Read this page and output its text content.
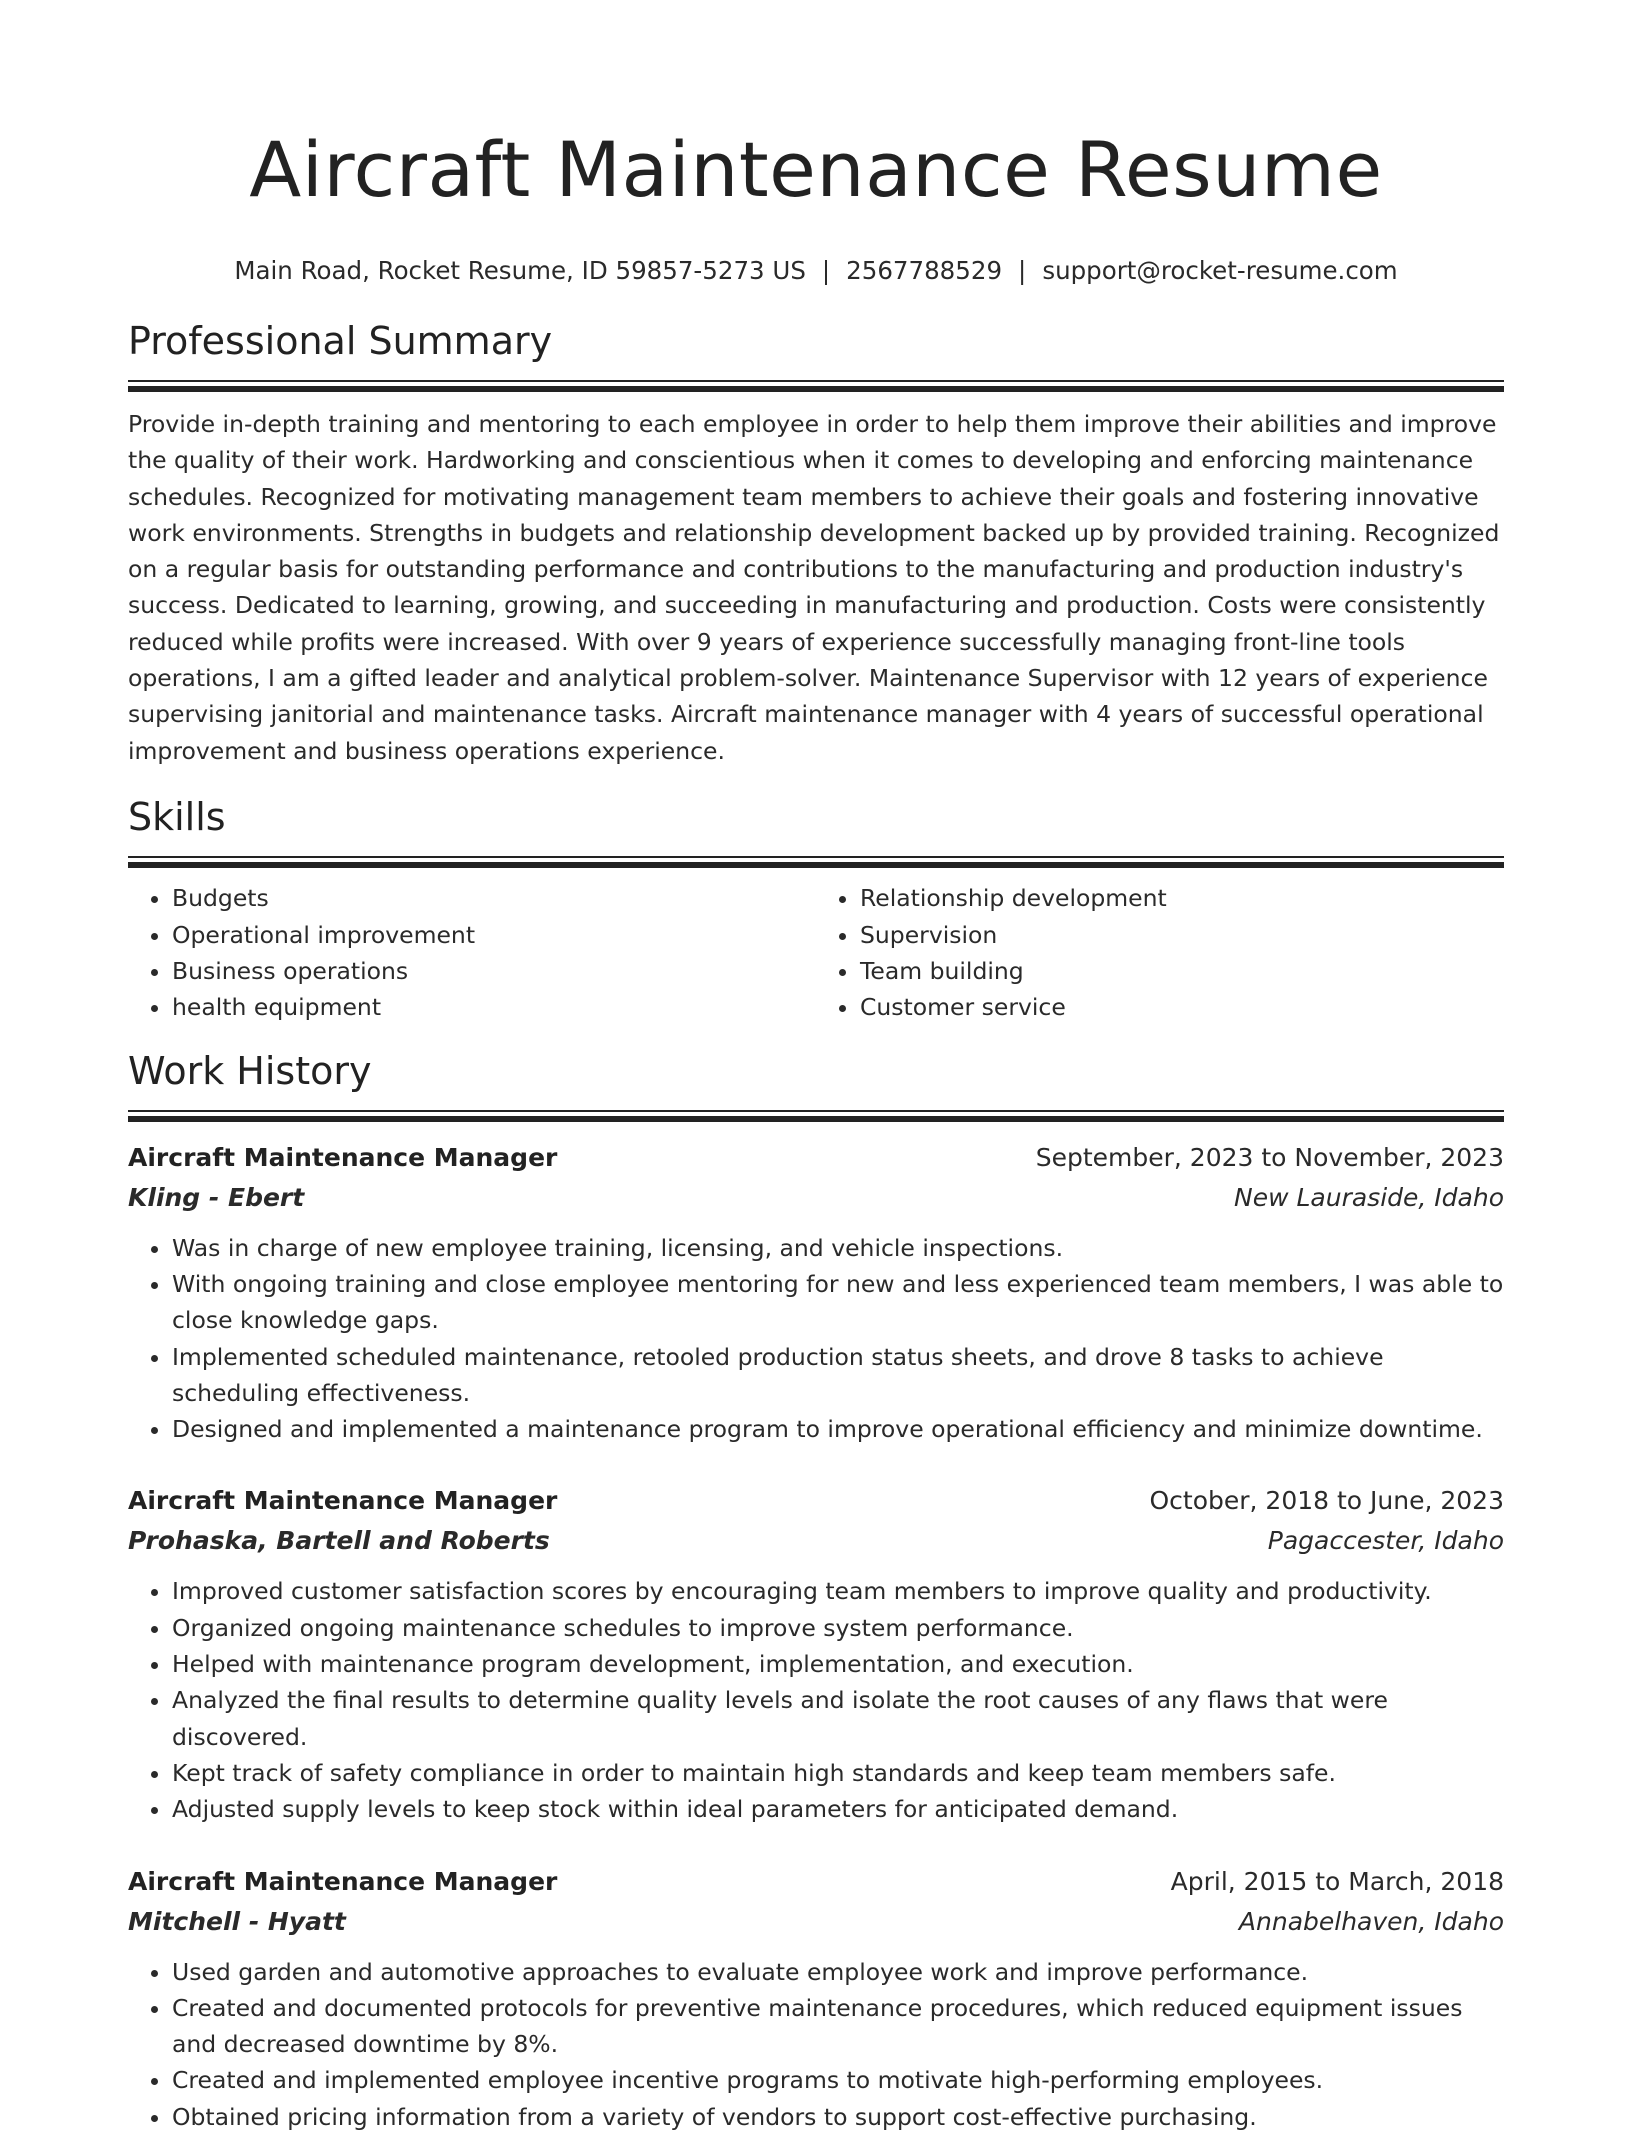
Aircraft Maintenance Resume
Main Road, Rocket Resume, ID 59857-5273 US | 2567788529 | support@rocket-resume.com
Professional Summary

Provide in-depth training and mentoring to each employee in order to help them improve their abilities and improve the quality of their work. Hardworking and conscientious when it comes to developing and enforcing maintenance schedules. Recognized for motivating management team members to achieve their goals and fostering innovative work environments. Strengths in budgets and relationship development backed up by provided training. Recognized on a regular basis for outstanding performance and contributions to the manufacturing and production industry's success. Dedicated to learning, growing, and succeeding in manufacturing and production. Costs were consistently reduced while profits were increased. With over 9 years of experience successfully managing front-line tools operations, I am a gifted leader and analytical problem-solver. Maintenance Supervisor with 12 years of experience supervising janitorial and maintenance tasks. Aircraft maintenance manager with 4 years of successful operational improvement and business operations experience.

Skills
• Budgets
• Operational improvement
• Business operations
• health equipment
• Relationship development
• Supervision
• Team building
• Customer service
Work History
Aircraft Maintenance Manager	September, 2023 to November, 2023
Kling - Ebert	New Lauraside, Idaho
• Was in charge of new employee training, licensing, and vehicle inspections.
• With ongoing training and close employee mentoring for new and less experienced team members, I was able to close knowledge gaps.
• Implemented scheduled maintenance, retooled production status sheets, and drove 8 tasks to achieve scheduling effectiveness.
• Designed and implemented a maintenance program to improve operational efficiency and minimize downtime.
Aircraft Maintenance Manager	October, 2018 to June, 2023
Prohaska, Bartell and Roberts	Pagaccester, Idaho
• Improved customer satisfaction scores by encouraging team members to improve quality and productivity.
• Organized ongoing maintenance schedules to improve system performance.
• Helped with maintenance program development, implementation, and execution.
• Analyzed the final results to determine quality levels and isolate the root causes of any flaws that were discovered.
• Kept track of safety compliance in order to maintain high standards and keep team members safe.
• Adjusted supply levels to keep stock within ideal parameters for anticipated demand.
Aircraft Maintenance Manager	April, 2015 to March, 2018
Mitchell - Hyatt	Annabelhaven, Idaho
• Used garden and automotive approaches to evaluate employee work and improve performance.
• Created and documented protocols for preventive maintenance procedures, which reduced equipment issues and decreased downtime by 8%.
• Created and implemented employee incentive programs to motivate high-performing employees.
• Obtained pricing information from a variety of vendors to support cost-effective purchasing.
